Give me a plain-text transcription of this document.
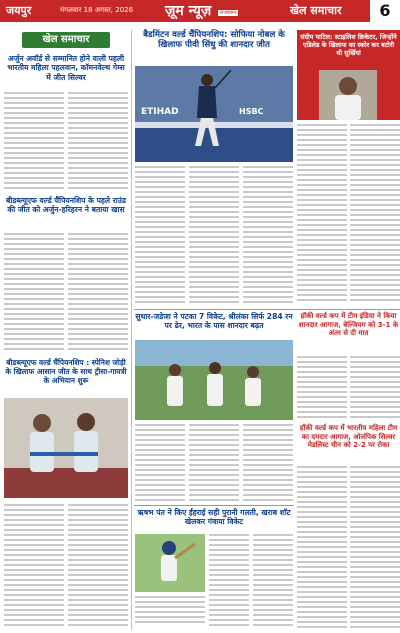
जयपुर	मंगलवार 18 अगस्त, 2026 ज़ूम न्यूज़	राजस्थान	खेल समाचार	6
खेल समाचार
अर्जुन अवॉर्ड से सम्मानित होने वाली पहली भारतीय महिला पहलवान, कॉमनवेल्थ गेम्स में जीत सिल्वर
बीडब्ल्यूएफ वर्ल्ड चैंपियनशिप के पहले राउंड की जीत को अर्जुन-हरिहरन ने बताया खास
बीडब्ल्यूएफ वर्ल्ड चैंपियनशिप : स्पेनिश जोड़ी के खिलाफ आसान जीत के साथ ट्रीसा-गायत्री के अभियान शुरू
बैडमिंटन वर्ल्ड चैंपियनशिप: सोफिया नोबल के खिलाफ पीवी सिंधु की शानदार जीत
ETIHAD	HSBC
संदीप पाटिल: स्टाइलिश क्रिकेटर, जिन्होंने एडिलेड के खिलाफ का स्कोर कर बटोरी थी सुर्खियां
सुथार-जडेजा ने पटका 7 विकेट, श्रीलंका सिर्फ 284 रन पर ढेर, भारत के पास शानदार बढ़त
हॉकी वर्ल्ड कप में टीम इंडिया ने किया शानदार आगाज, बेल्जियम को 3-1 के अंतर से दी मात
हॉकी वर्ल्ड कप में भारतीय महिला टीम का दमदार आगाज, ओलंपिक सिल्वर मेडलिस्ट चीन को 2-2 पर रोका
ऋषभ पंत ने किए ईंहराई सही पुरानी गलती, खराब शॉट खेलकर गंवाया विकेट
